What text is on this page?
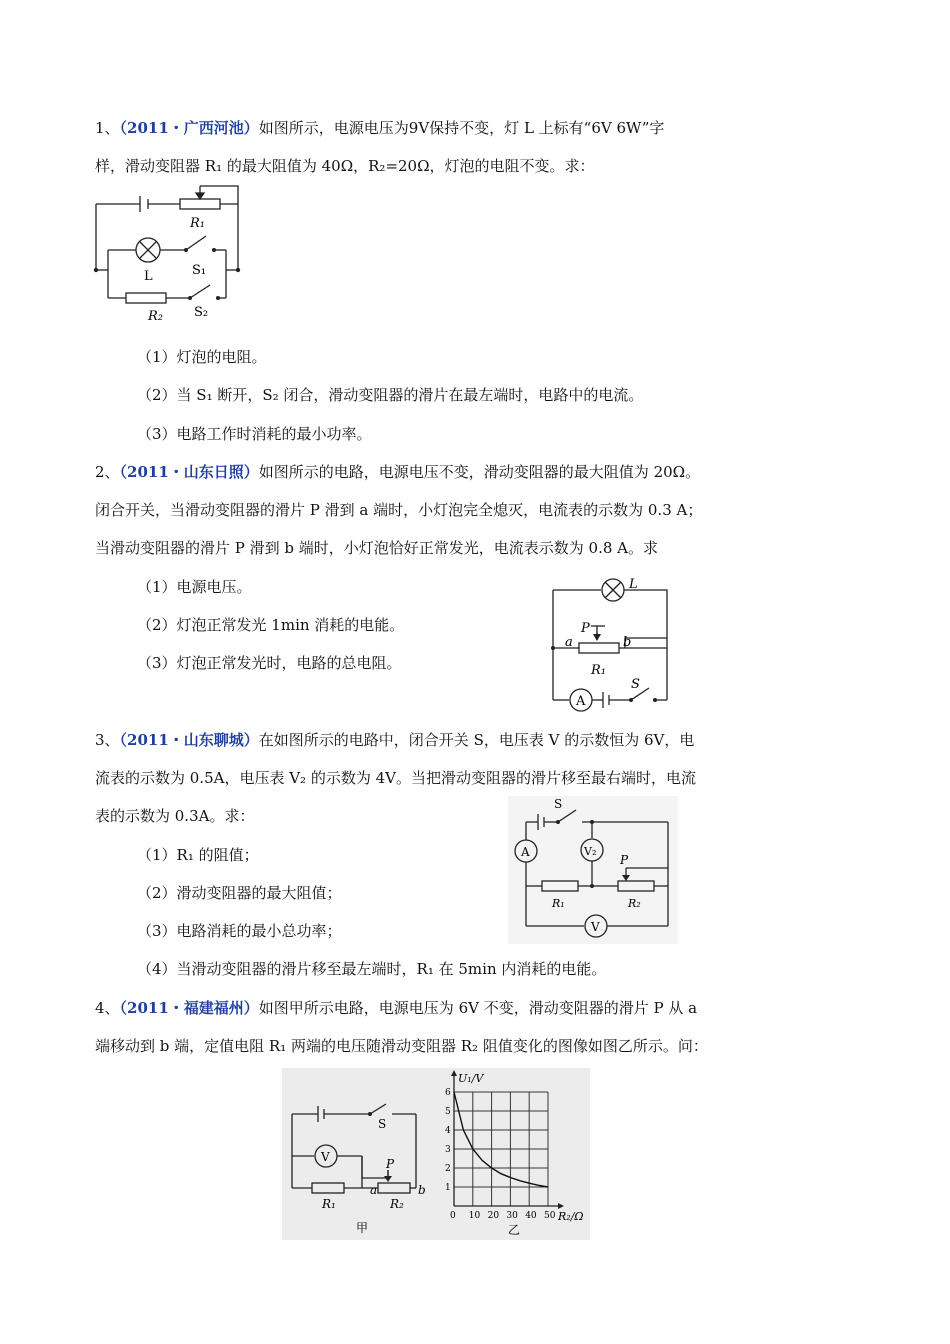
1、（2011・广西河池）如图所示，电源电压为9V保持不变，灯 L 上标有“6V 6W”字
样，滑动变阻器 R₁ 的最大阻值为 40Ω，R₂=20Ω，灯泡的电阻不变。求：
R₁
L	S₁
R₂ S₂
（1）灯泡的电阻。
（2）当 S₁ 断开，S₂ 闭合，滑动变阻器的滑片在最左端时，电路中的电流。
（3）电路工作时消耗的最小功率。
2、（2011・山东日照）如图所示的电路，电源电压不变，滑动变阻器的最大阻值为 20Ω。
闭合开关，当滑动变阻器的滑片 P 滑到 a 端时，小灯泡完全熄灭，电流表的示数为 0.3 A；
当滑动变阻器的滑片 P 滑到 b 端时，小灯泡恰好正常发光，电流表示数为 0.8 A。求
（1）电源电压。
（2）灯泡正常发光 1min 消耗的电能。
（3）灯泡正常发光时，电路的总电阻。
L
a
P
b
R₁
A
S
3、（2011・山东聊城）在如图所示的电路中，闭合开关 S，电压表 V 的示数恒为 6V，电
流表的示数为 0.5A，电压表 V₂ 的示数为 4V。当把滑动变阻器的滑片移至最右端时，电流
表的示数为 0.3A。求：
（1）R₁ 的阻值；
（2）滑动变阻器的最大阻值；
（3）电路消耗的最小总功率；
（4）当滑动变阻器的滑片移至最左端时，R₁ 在 5min 内消耗的电能。
S
A	V₂
P
R₁	R₂
V
4、（2011・福建福州）如图甲所示电路，电源电压为 6V 不变，滑动变阻器的滑片 P 从 a
端移动到 b 端，定值电阻 R₁ 两端的电压随滑动变阻器 R₂ 阻值变化的图像如图乙所示。问：
S
V	P
R₁
a
R₂
b
甲
0 10 20 30 40 50
1
2
3
4
5
6
U₁/V
R₂/Ω
乙
